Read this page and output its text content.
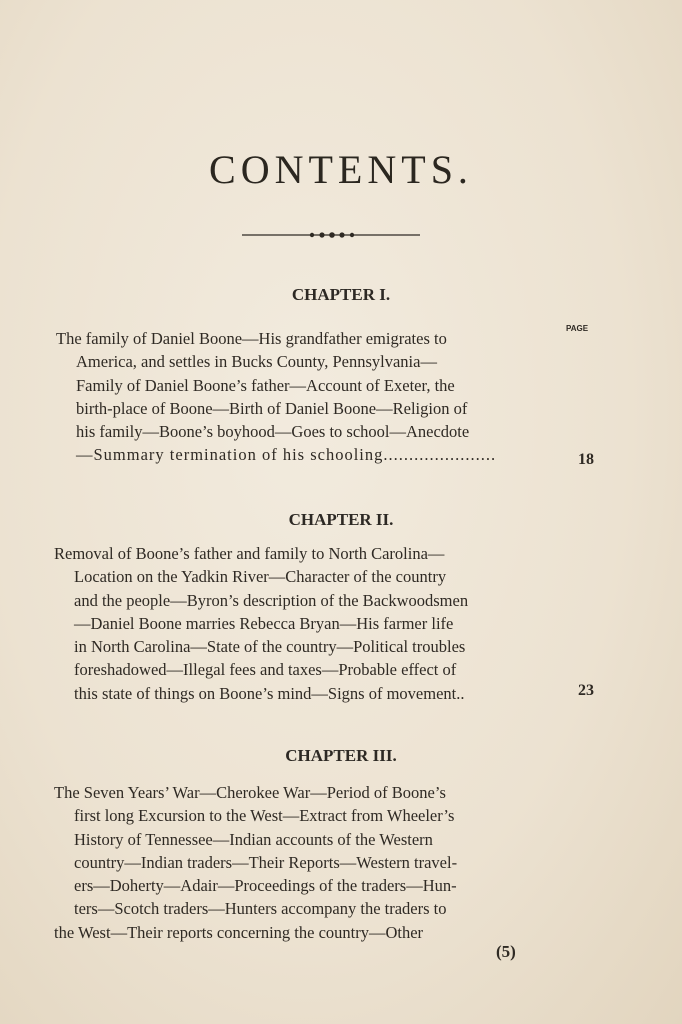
CONTENTS.
PAGE
CHAPTER I.
The family of Daniel Boone—His grandfather emigrates to
America, and settles in Bucks County, Pennsylvania—
Family of Daniel Boone’s father—Account of Exeter, the
birth-place of Boone—Birth of Daniel Boone—Religion of
his family—Boone’s boyhood—Goes to school—Anecdote
—Summary termination of his schooling......................	18
CHAPTER II.
Removal of Boone’s father and family to North Carolina—
Location on the Yadkin River—Character of the country
and the people—Byron’s description of the Backwoodsmen
—Daniel Boone marries Rebecca Bryan—His farmer life
in North Carolina—State of the country—Political troubles
foreshadowed—Illegal fees and taxes—Probable effect of
this state of things on Boone’s mind—Signs of movement..	23
CHAPTER III.
The Seven Years’ War—Cherokee War—Period of Boone’s
first long Excursion to the West—Extract from Wheeler’s
History of Tennessee—Indian accounts of the Western
country—Indian traders—Their Reports—Western travel-
ers—Doherty—Adair—Proceedings of the traders—Hun-
ters—Scotch traders—Hunters accompany the traders to
the West—Their reports concerning the country—Other
(5)
